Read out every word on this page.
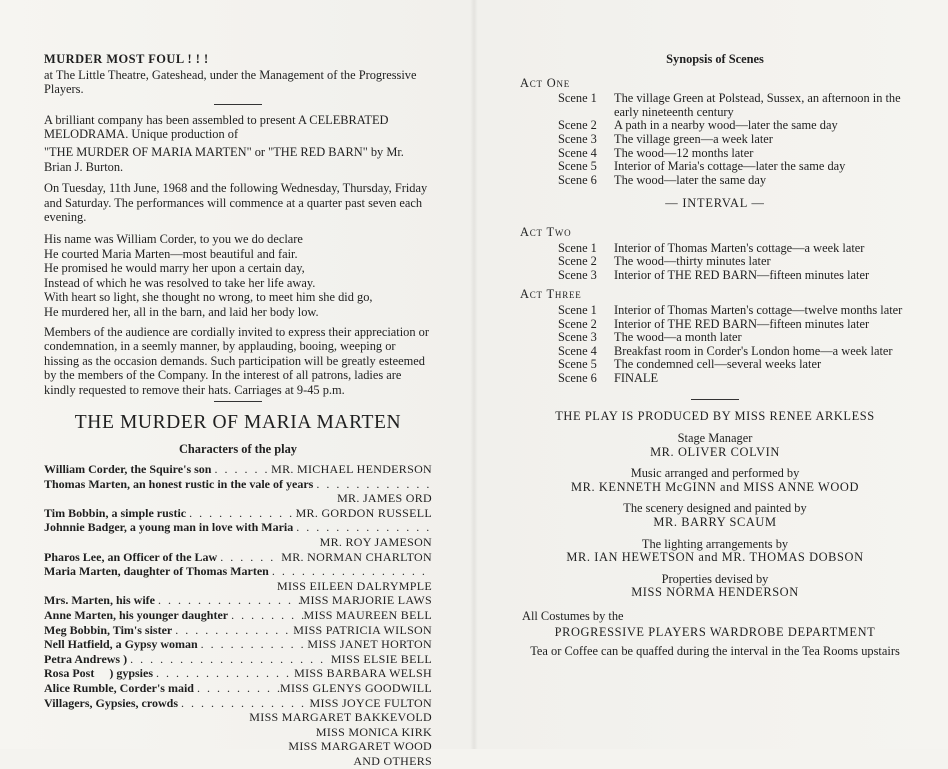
MURDER MOST FOUL ! ! !

at The Little Theatre, Gateshead, under the Management of the Progressive Players.

A brilliant company has been assembled to present A CELEBRATED MELODRAMA. Unique production of

"THE MURDER OF MARIA MARTEN" or "THE RED BARN" by Mr. Brian J. Burton.

On Tuesday, 11th June, 1968 and the following Wednesday, Thursday, Friday and Saturday. The performances will commence at a quarter past seven each evening.

His name was William Corder, to you we do declare

He courted Maria Marten—most beautiful and fair.

He promised he would marry her upon a certain day,

Instead of which he was resolved to take her life away.

With heart so light, she thought no wrong, to meet him she did go,

He murdered her, all in the barn, and laid her body low.

Members of the audience are cordially invited to express their appreciation or condemnation, in a seemly manner, by applauding, booing, weeping or hissing as the occasion demands. Such participation will be greatly esteemed by the members of the Company. In the interest of all patrons, ladies are kindly requested to remove their hats. Carriages at 9-45 p.m.

THE MURDER OF MARIA MARTEN
Characters of the play
William Corder, the Squire's son . . .	MR. MICHAEL HENDERSON
Thomas Marten, an honest rustic in the vale of years
. . .
MR. JAMES ORD
Tim Bobbin, a simple rustic . . .	MR. GORDON RUSSELL
Johnnie Badger, a young man in love with Maria
. . .
MR. ROY JAMESON
Pharos Lee, an Officer of the Law . . .	MR. NORMAN CHARLTON
Maria Marten, daughter of Thomas Marten
. . .
MISS EILEEN DALRYMPLE
Mrs. Marten, his wife . . .	MISS MARJORIE LAWS
Anne Marten, his younger daughter . . .	MISS MAUREEN BELL
Meg Bobbin, Tim's sister . . .	MISS PATRICIA WILSON
Nell Hatfield, a Gypsy woman . . .	MISS JANET HORTON
Petra Andrews ) . . .	MISS ELSIE BELL
Rosa Post     ) gypsies . . .	MISS BARBARA WELSH
Alice Rumble, Corder's maid . . .	MISS GLENYS GOODWILL
Villagers, Gypsies, crowds . . .	MISS JOYCE FULTON
MISS MARGARET BAKKEVOLD
MISS MONICA KIRK
MISS MARGARET WOOD
AND OTHERS
Synopsis of Scenes
Act One
Scene 1	The village Green at Polstead, Sussex, an afternoon in the early nineteenth century
Scene 2	A path in a nearby wood—later the same day
Scene 3	The village green—a week later
Scene 4	The wood—12 months later
Scene 5	Interior of Maria's cottage—later the same day
Scene 6	The wood—later the same day
— INTERVAL —
Act Two
Scene 1	Interior of Thomas Marten's cottage—a week later
Scene 2	The wood—thirty minutes later
Scene 3	Interior of THE RED BARN—fifteen minutes later
Act Three
Scene 1	Interior of Thomas Marten's cottage—twelve months later
Scene 2	Interior of THE RED BARN—fifteen minutes later
Scene 3	The wood—a month later
Scene 4	Breakfast room in Corder's London home—a week later
Scene 5	The condemned cell—several weeks later
Scene 6	FINALE
THE PLAY IS PRODUCED BY MISS RENEE ARKLESS
Stage Manager
MR. OLIVER COLVIN
Music arranged and performed by
MR. KENNETH McGINN and MISS ANNE WOOD
The scenery designed and painted by
MR. BARRY SCAUM
The lighting arrangements by
MR. IAN HEWETSON and MR. THOMAS DOBSON
Properties devised by
MISS NORMA HENDERSON
All Costumes by the
PROGRESSIVE PLAYERS WARDROBE DEPARTMENT
Tea or Coffee can be quaffed during the interval in the Tea Rooms upstairs
